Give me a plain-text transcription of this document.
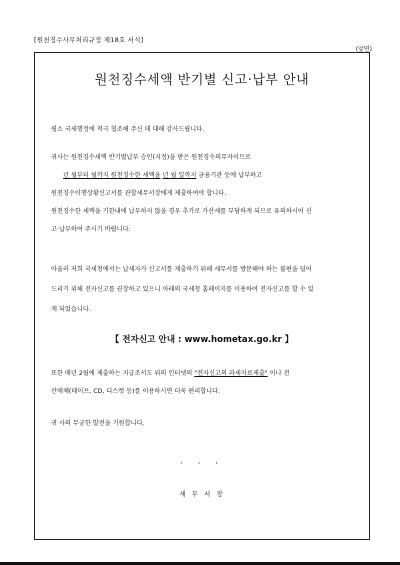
[원천징수사무처리규정 제18호 서식]
(앞면)
원천징수세액 반기별 신고·납부 안내
평소 국세행정에 적극 협조해 주신 데 대해 감사드립니다.
귀사는 원천징수세액 반기별납부 승인(지정)을 받은 원천징수의무자이므로
년 월부터 월까지 원천징수한 세액을 년 월 일까지 금융기관 등에 납부하고
원천징수이행상황신고서를 관할세무서장에게 제출하여야 합니다.
원천징수한 세액을 기한내에 납부하지 않을 경우 추가로 가산세를 부담하게 되므로 유의하시어 신
고·납부하여 주시기 바랍니다.
아울러 저희 국세청에서는 납세자가 신고서를 제출하기 위해 세무서를 방문해야 하는 불편을 덜어
드리기 위해 전자신고를 권장하고 있으니 아래의 국세청 홈페이지를 이용하여 전자신고를 할 수 있
게 되었습니다.
【 전자신고 안내 : www.hometax.go.kr 】
또한 매년 2월에 제출하는 지급조서도 위의 인터넷의 "전자신고의 과세자료제출" 이나 전
산매체(테이프, CD, 디스켓 등)를 이용하시면 더욱 편리합니다.
귀 사의 무궁한 발전을 기원합니다.
· · ·
세 무 서 장
